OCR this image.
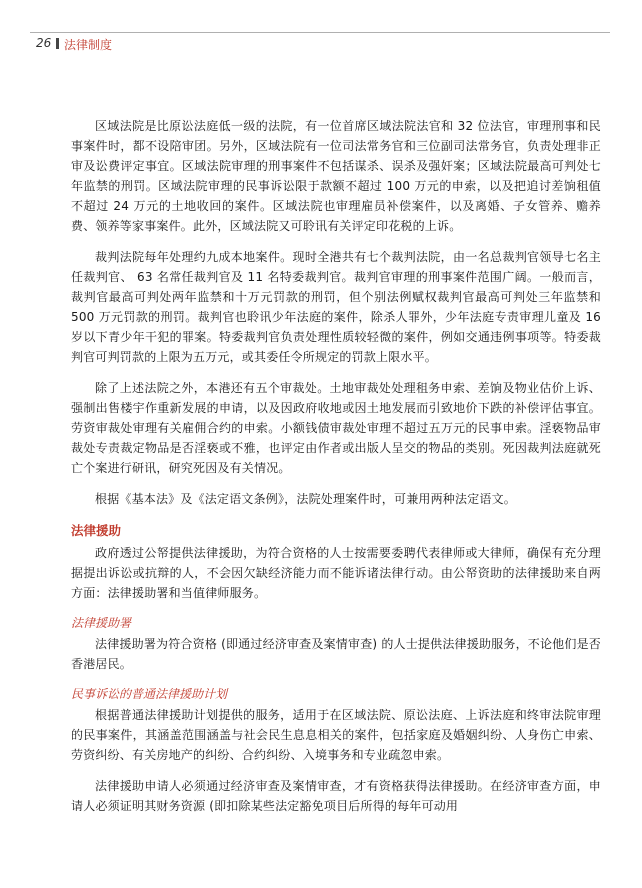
26 法律制度

区域法院是比原讼法庭低一级的法院，有一位首席区域法院法官和 32 位法官，审理刑事和民事案件时，都不设陪审团。另外，区域法院有一位司法常务官和三位副司法常务官，负责处理非正审及讼费评定事宜。区域法院审理的刑事案件不包括谋杀、误杀及强奸案；区域法院最高可判处七年监禁的刑罚。区域法院审理的民事诉讼限于款额不超过 100 万元的申索，以及把追讨差饷租值不超过 24 万元的土地收回的案件。区域法院也审理雇员补偿案件，以及离婚、子女管养、赡养费、领养等家事案件。此外，区域法院又可聆讯有关评定印花税的上诉。

裁判法院每年处理约九成本地案件。现时全港共有七个裁判法院，由一名总裁判官领导七名主任裁判官、 63 名常任裁判官及 11 名特委裁判官。裁判官审理的刑事案件范围广阔。一般而言，裁判官最高可判处两年监禁和十万元罚款的刑罚，但个别法例赋权裁判官最高可判处三年监禁和 500 万元罚款的刑罚。裁判官也聆讯少年法庭的案件，除杀人罪外，少年法庭专责审理儿童及 16 岁以下青少年干犯的罪案。特委裁判官负责处理性质较轻微的案件，例如交通违例事项等。特委裁判官可判罚款的上限为五万元，或其委任令所规定的罚款上限水平。

除了上述法院之外，本港还有五个审裁处。土地审裁处处理租务申索、差饷及物业估价上诉、强制出售楼宇作重新发展的申请，以及因政府收地或因土地发展而引致地价下跌的补偿评估事宜。劳资审裁处审理有关雇佣合约的申索。小额钱债审裁处审理不超过五万元的民事申索。淫亵物品审裁处专责裁定物品是否淫亵或不雅，也评定由作者或出版人呈交的物品的类别。死因裁判法庭就死亡个案进行研讯，研究死因及有关情况。

根据《基本法》及《法定语文条例》，法院处理案件时，可兼用两种法定语文。

法律援助

政府透过公帑提供法律援助，为符合资格的人士按需要委聘代表律师或大律师，确保有充分理据提出诉讼或抗辩的人，不会因欠缺经济能力而不能诉诸法律行动。由公帑资助的法律援助来自两方面：法律援助署和当值律师服务。

法律援助署

法律援助署为符合资格 (即通过经济审查及案情审查) 的人士提供法律援助服务，不论他们是否香港居民。

民事诉讼的普通法律援助计划

根据普通法律援助计划提供的服务，适用于在区域法院、原讼法庭、上诉法庭和终审法院审理的民事案件，其涵盖范围涵盖与社会民生息息相关的案件，包括家庭及婚姻纠纷、人身伤亡申索、劳资纠纷、有关房地产的纠纷、合约纠纷、入境事务和专业疏忽申索。

法律援助申请人必须通过经济审查及案情审查，才有资格获得法律援助。在经济审查方面，申请人必须证明其财务资源 (即扣除某些法定豁免项目后所得的每年可动用
